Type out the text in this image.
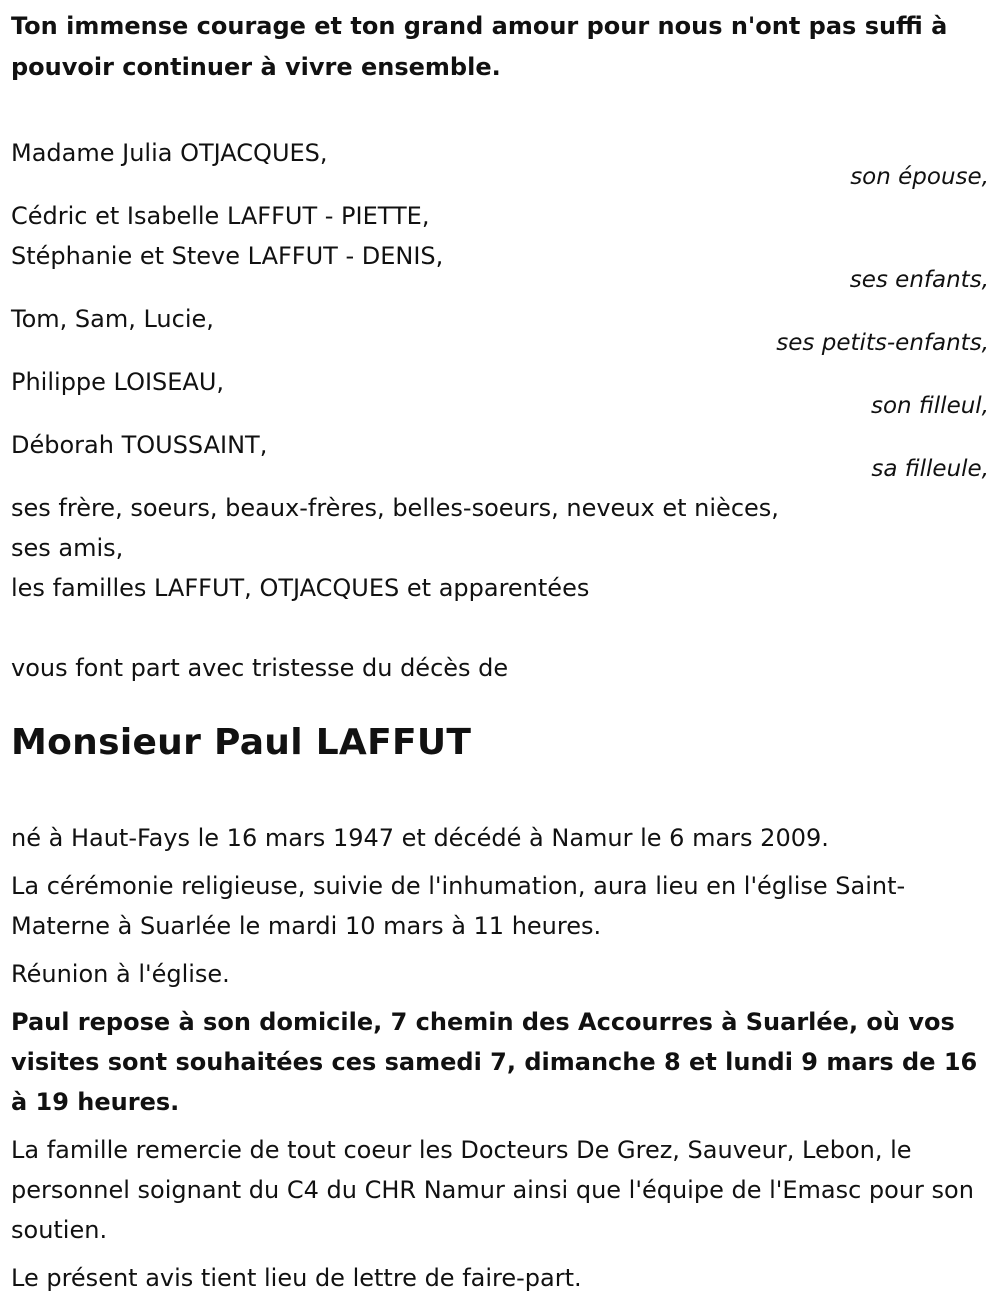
Ton immense courage et ton grand amour pour nous n'ont pas suffi à pouvoir continuer à vivre ensemble.

Madame Julia OTJACQUES,
son épouse,
Cédric et Isabelle LAFFUT - PIETTE,
Stéphanie et Steve LAFFUT - DENIS,
ses enfants,
Tom, Sam, Lucie,
ses petits-enfants,
Philippe LOISEAU,
son filleul,
Déborah TOUSSAINT,
sa filleule,
ses frère, soeurs, beaux-frères, belles-soeurs, neveux et nièces,
ses amis,
les familles LAFFUT, OTJACQUES et apparentées
vous font part avec tristesse du décès de
Monsieur Paul LAFFUT

né à Haut-Fays le 16 mars 1947 et décédé à Namur le 6 mars 2009.

La cérémonie religieuse, suivie de l'inhumation, aura lieu en l'église Saint-Materne à Suarlée le mardi 10 mars à 11 heures.

Réunion à l'église.

Paul repose à son domicile, 7 chemin des Accourres à Suarlée, où vos visites sont souhaitées ces samedi 7, dimanche 8 et lundi 9 mars de 16 à 19 heures.

La famille remercie de tout coeur les Docteurs De Grez, Sauveur, Lebon, le personnel soignant du C4 du CHR Namur ainsi que l'équipe de l'Emasc pour son soutien.

Le présent avis tient lieu de lettre de faire-part.
